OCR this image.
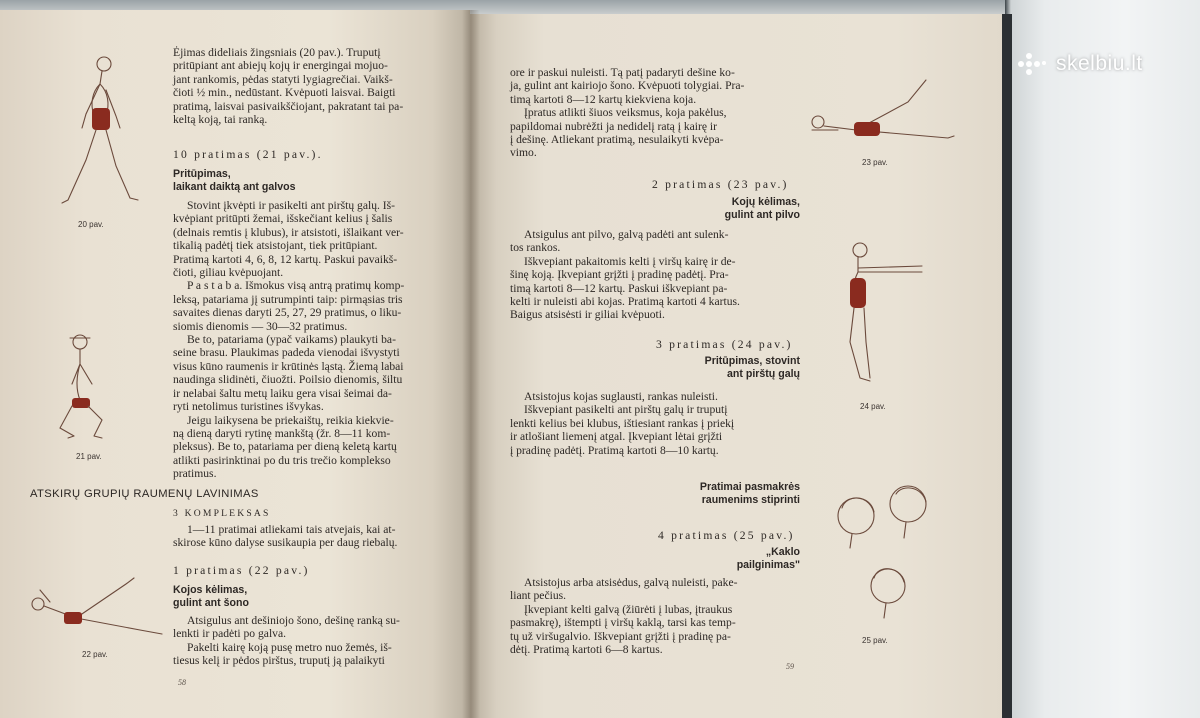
skelbiu.lt

Ėjimas dideliais žingsniais (20 pav.). Truputį

pritūpiant ant abiejų kojų ir energingai mojuo-

jant rankomis, pėdas statyti lygiagrečiai. Vaikš-

čioti ½ min., nedūstant. Kvėpuoti laisvai. Baigti

pratimą, laisvai pasivaikščiojant, pakratant tai pa-

keltą koją, tai ranką.

10 pratimas (21 pav.).

Pritūpimas,

laikant daiktą ant galvos

Stovint įkvėpti ir pasikelti ant pirštų galų. Iš-

kvėpiant pritūpti žemai, išskečiant kelius į šalis

(delnais remtis į klubus), ir atsistoti, išlaikant ver-

tikalią padėtį tiek atsistojant, tiek pritūpiant.

Pratimą kartoti 4, 6, 8, 12 kartų. Paskui pavaikš-

čioti, giliau kvėpuojant.

P a s t a b a. Išmokus visą antrą pratimų komp-

leksą, patariama jį sutrumpinti taip: pirmąsias tris

savaites dienas daryti 25, 27, 29 pratimus, o liku-

siomis dienomis — 30—32 pratimus.

Be to, patariama (ypač vaikams) plaukyti ba-

seine brasu. Plaukimas padeda vienodai išvystyti

visus kūno raumenis ir krūtinės ląstą. Žiemą labai

naudinga slidinėti, čiuožti. Poilsio dienomis, šiltu

ir nelabai šaltu metų laiku gera visai šeimai da-

ryti netolimus turistines išvykas.

Jeigu laikysena be priekaištų, reikia kiekvie-

ną dieną daryti rytinę mankštą (žr. 8—11 kom-

pleksus). Be to, patariama per dieną keletą kartų

atlikti pasirinktinai po du tris trečio komplekso

pratimus.

ATSKIRŲ GRUPIŲ RAUMENŲ LAVINIMAS
3 KOMPLEKSAS

1—11 pratimai atliekami tais atvejais, kai at-

skirose kūno dalyse susikaupia per daug riebalų.

1 pratimas (22 pav.)

Kojos kėlimas,

gulint ant šono

Atsigulus ant dešiniojo šono, dešinę ranką su-

lenkti ir padėti po galva.

Pakelti kairę koją pusę metro nuo žemės, iš-

tiesus kelį ir pėdos pirštus, truputį ją palaikyti

58
20 pav.
21 pav.
22 pav.

ore ir paskui nuleisti. Tą patį padaryti dešine ko-

ja, gulint ant kairiojo šono. Kvėpuoti tolygiai. Pra-

timą kartoti 8—12 kartų kiekviena koja.

Įpratus atlikti šiuos veiksmus, koja pakėlus,

papildomai nubrėžti ja nedidelį ratą į kairę ir

į dešinę. Atliekant pratimą, nesulaikyti kvėpa-

vimo.

2 pratimas (23 pav.)

Kojų kėlimas,

gulint ant pilvo

Atsigulus ant pilvo, galvą padėti ant sulenk-

tos rankos.

Iškvepiant pakaitomis kelti į viršų kairę ir de-

šinę koją. Įkvepiant grįžti į pradinę padėtį. Pra-

timą kartoti 8—12 kartų. Paskui iškvepiant pa-

kelti ir nuleisti abi kojas. Pratimą kartoti 4 kartus.

Baigus atsisėsti ir giliai kvėpuoti.

3 pratimas (24 pav.)

Pritūpimas, stovint

ant pirštų galų

Atsistojus kojas suglausti, rankas nuleisti.

Iškvepiant pasikelti ant pirštų galų ir truputį

lenkti kelius bei klubus, ištiesiant rankas į priekį

ir atlošiant liemenį atgal. Įkvepiant lėtai grįžti

į pradinę padėtį. Pratimą kartoti 8—10 kartų.

Pratimai pasmakrės

raumenims stiprinti

4 pratimas (25 pav.)

„Kaklo

pailginimas"

Atsistojus arba atsisėdus, galvą nuleisti, pake-

liant pečius.

Įkvepiant kelti galvą (žiūrėti į lubas, įtraukus

pasmakrę), ištempti į viršų kaklą, tarsi kas temp-

tų už viršugalvio. Iškvepiant grįžti į pradinę pa-

dėtį. Pratimą kartoti 6—8 kartus.

59
23 pav.
24 pav.
25 pav.
